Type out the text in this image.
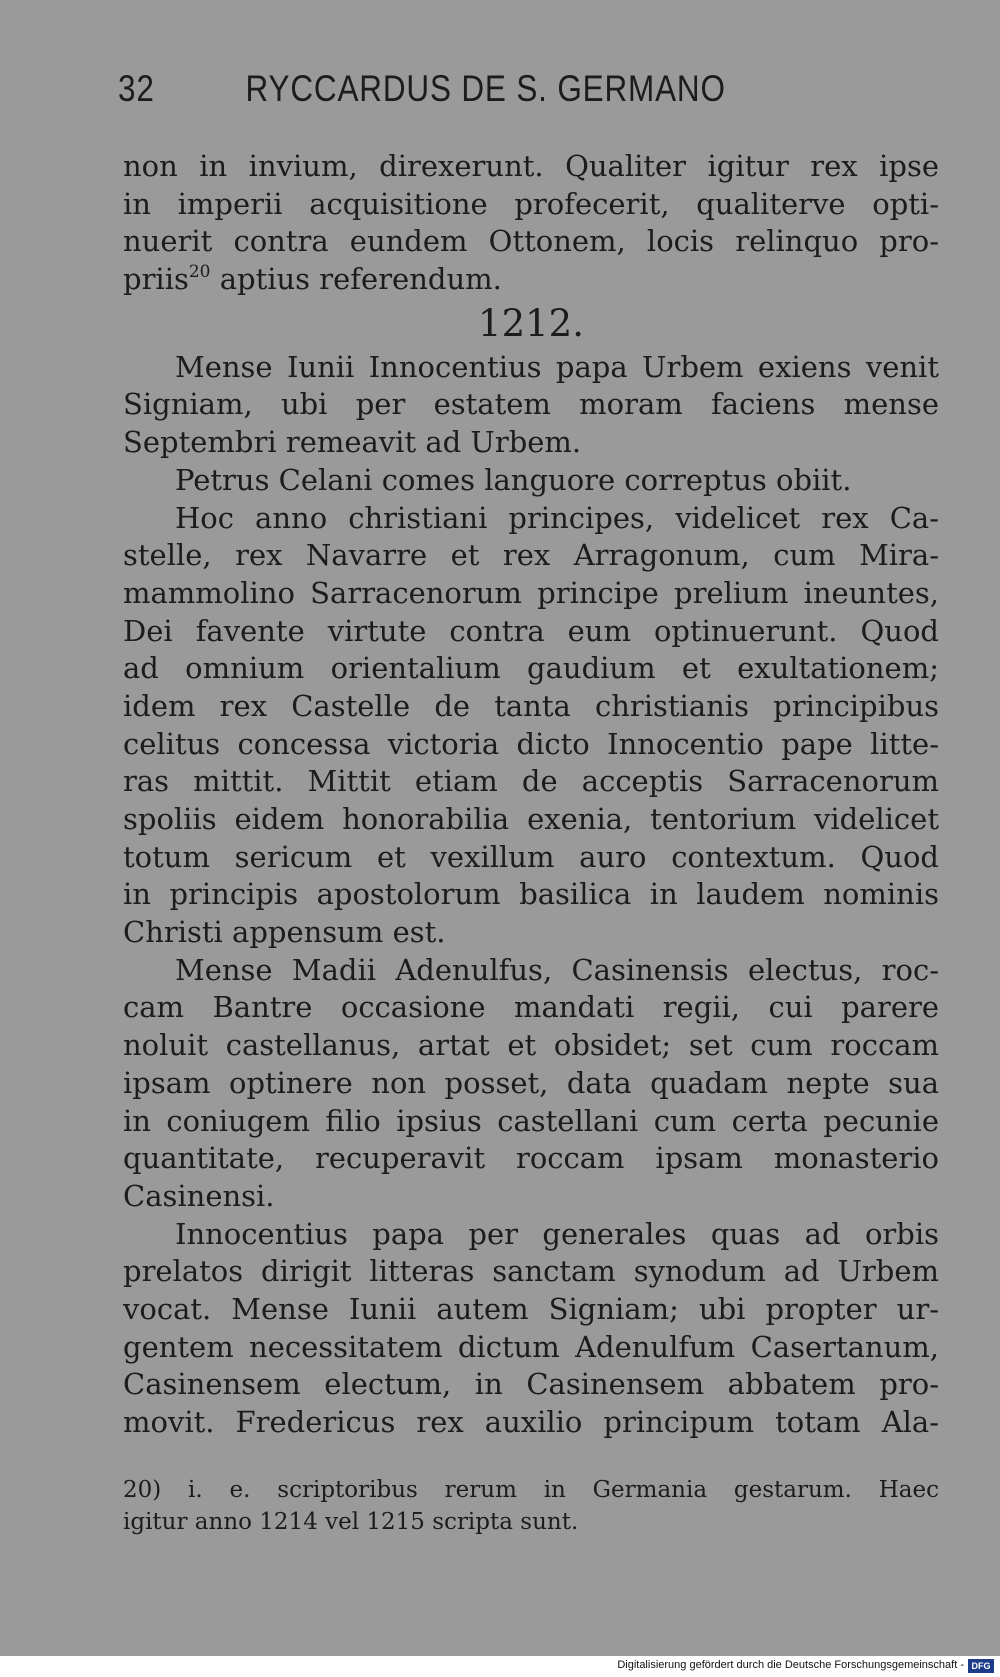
32 RYCCARDUS DE S. GERMANO
non in invium, direxerunt. Qualiter igitur rex ipse
in imperii acquisitione profecerit, qualiterve opti-
nuerit contra eundem Ottonem, locis relinquo pro-
priis$^{20}$ aptius referendum.
1212.
Mense Iunii Innocentius papa Urbem exiens venit
Signiam, ubi per estatem moram faciens mense
Septembri remeavit ad Urbem.
Petrus Celani comes languore correptus obiit.
Hoc anno christiani principes, videlicet rex Ca-
stelle, rex Navarre et rex Arragonum, cum Mira-
mammolino Sarracenorum principe prelium ineuntes,
Dei favente virtute contra eum optinuerunt. Quod
ad omnium orientalium gaudium et exultationem;
idem rex Castelle de tanta christianis principibus
celitus concessa victoria dicto Innocentio pape litte-
ras mittit. Mittit etiam de acceptis Sarracenorum
spoliis eidem honorabilia exenia, tentorium videlicet
totum sericum et vexillum auro contextum. Quod
in principis apostolorum basilica in laudem nominis
Christi appensum est.
Mense Madii Adenulfus, Casinensis electus, roc-
cam Bantre occasione mandati regii, cui parere
noluit castellanus, artat et obsidet; set cum roccam
ipsam optinere non posset, data quadam nepte sua
in coniugem filio ipsius castellani cum certa pecunie
quantitate, recuperavit roccam ipsam monasterio
Casinensi.
Innocentius papa per generales quas ad orbis
prelatos dirigit litteras sanctam synodum ad Urbem
vocat. Mense Iunii autem Signiam; ubi propter ur-
gentem necessitatem dictum Adenulfum Casertanum,
Casinensem electum, in Casinensem abbatem pro-
movit. Fredericus rex auxilio principum totam Ala-
20) i. e. scriptoribus rerum in Germania gestarum. Haec
igitur anno 1214 vel 1215 scripta sunt.
Digitalisierung gefördert durch die Deutsche Forschungsgemeinschaft - DFG
